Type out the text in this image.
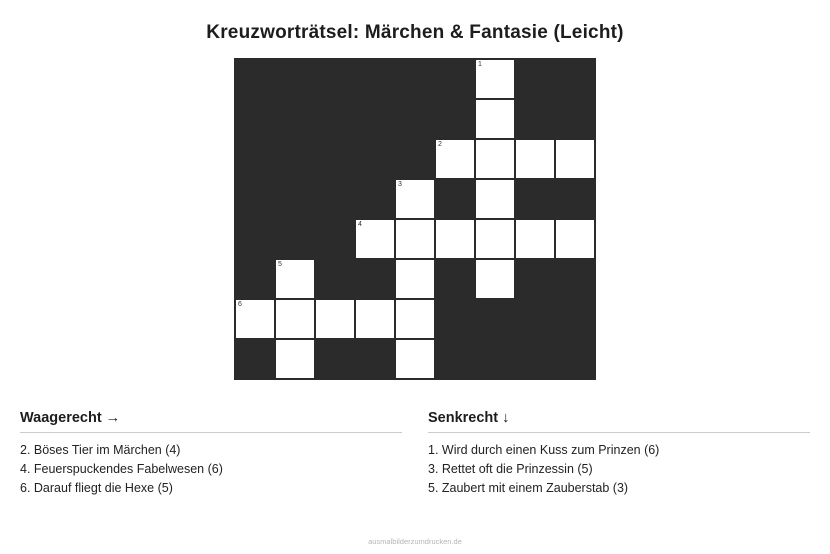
Kreuzworträtsel: Märchen & Fantasie (Leicht)
1
2
3
4
5
6
Waagerecht →
2. Böses Tier im Märchen (4)
4. Feuerspuckendes Fabelwesen (6)
6. Darauf fliegt die Hexe (5)
Senkrecht ↓
1. Wird durch einen Kuss zum Prinzen (6)
3. Rettet oft die Prinzessin (5)
5. Zaubert mit einem Zauberstab (3)
ausmalbilderzumdrucken.de
